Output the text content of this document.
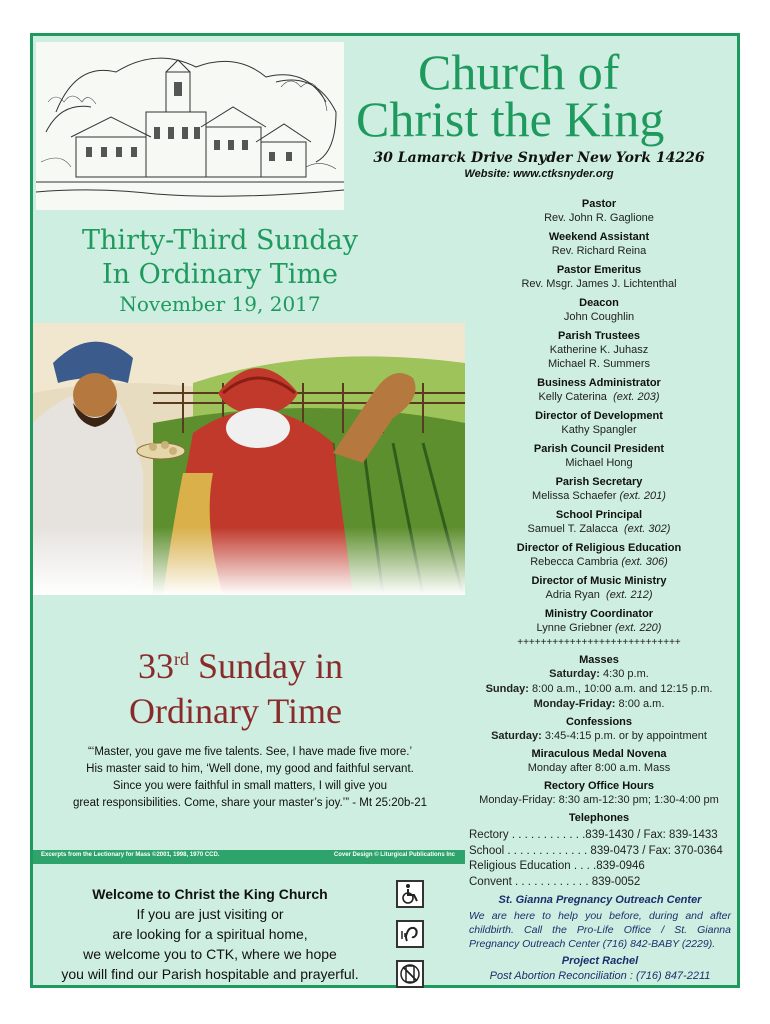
Church of
Christ the King
30 Lamarck Drive Snyder New York 14226
Website: www.ctksnyder.org
Thirty-Third Sunday
In Ordinary Time
November 19, 2017
33rd Sunday in
Ordinary Time
“‘Master, you gave me five talents. See, I have made five more.’
His master said to him, ‘Well done, my good and faithful servant.
Since you were faithful in small matters, I will give you
great responsibilities. Come, share your master’s joy.’” - Mt 25:20b-21
Excerpts from the Lectionary for Mass ©2001, 1998, 1970 CCD.	Cover Design © Liturgical Publications Inc
Welcome to Christ the King Church
If you are just visiting or
are looking for a spiritual home,
we welcome you to CTK, where we hope
you will find our Parish hospitable and prayerful.
Pastor
Rev. John R. Gaglione
Weekend Assistant
Rev. Richard Reina
Pastor Emeritus
Rev. Msgr. James J. Lichtenthal
Deacon
John Coughlin
Parish Trustees
Katherine K. Juhasz
Michael R. Summers
Business Administrator
Kelly Caterina (ext. 203)
Director of Development
Kathy Spangler
Parish Council President
Michael Hong
Parish Secretary
Melissa Schaefer (ext. 201)
School Principal
Samuel T. Zalacca (ext. 302)
Director of Religious Education
Rebecca Cambria (ext. 306)
Director of Music Ministry
Adria Ryan (ext. 212)
Ministry Coordinator
Lynne Griebner (ext. 220)
++++++++++++++++++++++++++++
Masses
Saturday: 4:30 p.m.
Sunday: 8:00 a.m., 10:00 a.m. and 12:15 p.m.
Monday-Friday: 8:00 a.m.
Confessions
Saturday: 3:45-4:15 p.m. or by appointment
Miraculous Medal Novena
Monday after 8:00 a.m. Mass
Rectory Office Hours
Monday-Friday: 8:30 am-12:30 pm; 1:30-4:00 pm
Telephones
Rectory . . . . . . . . . . . .839-1430 / Fax: 839-1433
School . . . . . . . . . . . . . 839-0473 / Fax: 370-0364
Religious Education . . . .839-0946
Convent . . . . . . . . . . . . 839-0052
St. Gianna Pregnancy Outreach Center
We are here to help you before, during and after childbirth. Call the Pro-Life Office / St. Gianna Pregnancy Outreach Center (716) 842-BABY (2229).
Project Rachel
Post Abortion Reconciliation : (716) 847-2211
